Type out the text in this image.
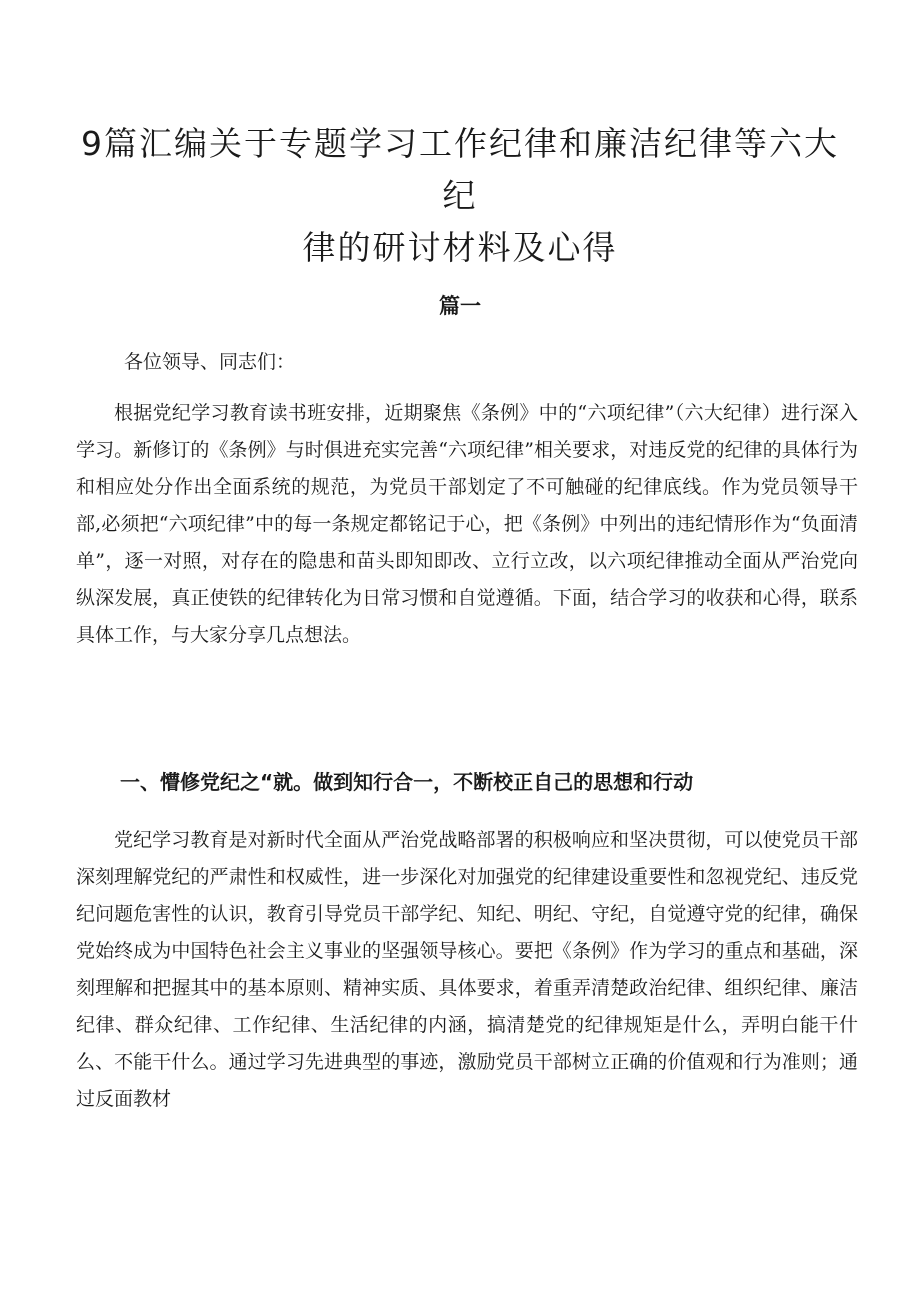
9篇汇编关于专题学习工作纪律和廉洁纪律等六大纪
律的研讨材料及心得
篇一
各位领导、同志们：

根据党纪学习教育读书班安排，近期聚焦《条例》中的“六项纪律”（六大纪律）进行深入学习。新修订的《条例》与时俱进充实完善“六项纪律”相关要求，对违反党的纪律的具体行为和相应处分作出全面系统的规范，为党员干部划定了不可触碰的纪律底线。作为党员领导干部,必须把“六项纪律”中的每一条规定都铭记于心，把《条例》中列出的违纪情形作为“负面清单”，逐一对照，对存在的隐患和苗头即知即改、立行立改，以六项纪律推动全面从严治党向纵深发展，真正使铁的纪律转化为日常习惯和自觉遵循。下面，结合学习的收获和心得，联系具体工作，与大家分享几点想法。

一、懵修党纪之“就。做到知行合一，不断校正自己的思想和行动

党纪学习教育是对新时代全面从严治党战略部署的积极响应和坚决贯彻，可以使党员干部深刻理解党纪的严肃性和权威性，进一步深化对加强党的纪律建设重要性和忽视党纪、违反党纪问题危害性的认识，教育引导党员干部学纪、知纪、明纪、守纪，自觉遵守党的纪律，确保党始终成为中国特色社会主义事业的坚强领导核心。要把《条例》作为学习的重点和基础，深刻理解和把握其中的基本原则、精神实质、具体要求，着重弄清楚政治纪律、组织纪律、廉洁纪律、群众纪律、工作纪律、生活纪律的内涵，搞清楚党的纪律规矩是什么，弄明白能干什么、不能干什么。通过学习先进典型的事迹，激励党员干部树立正确的价值观和行为准则；通过反面教材
